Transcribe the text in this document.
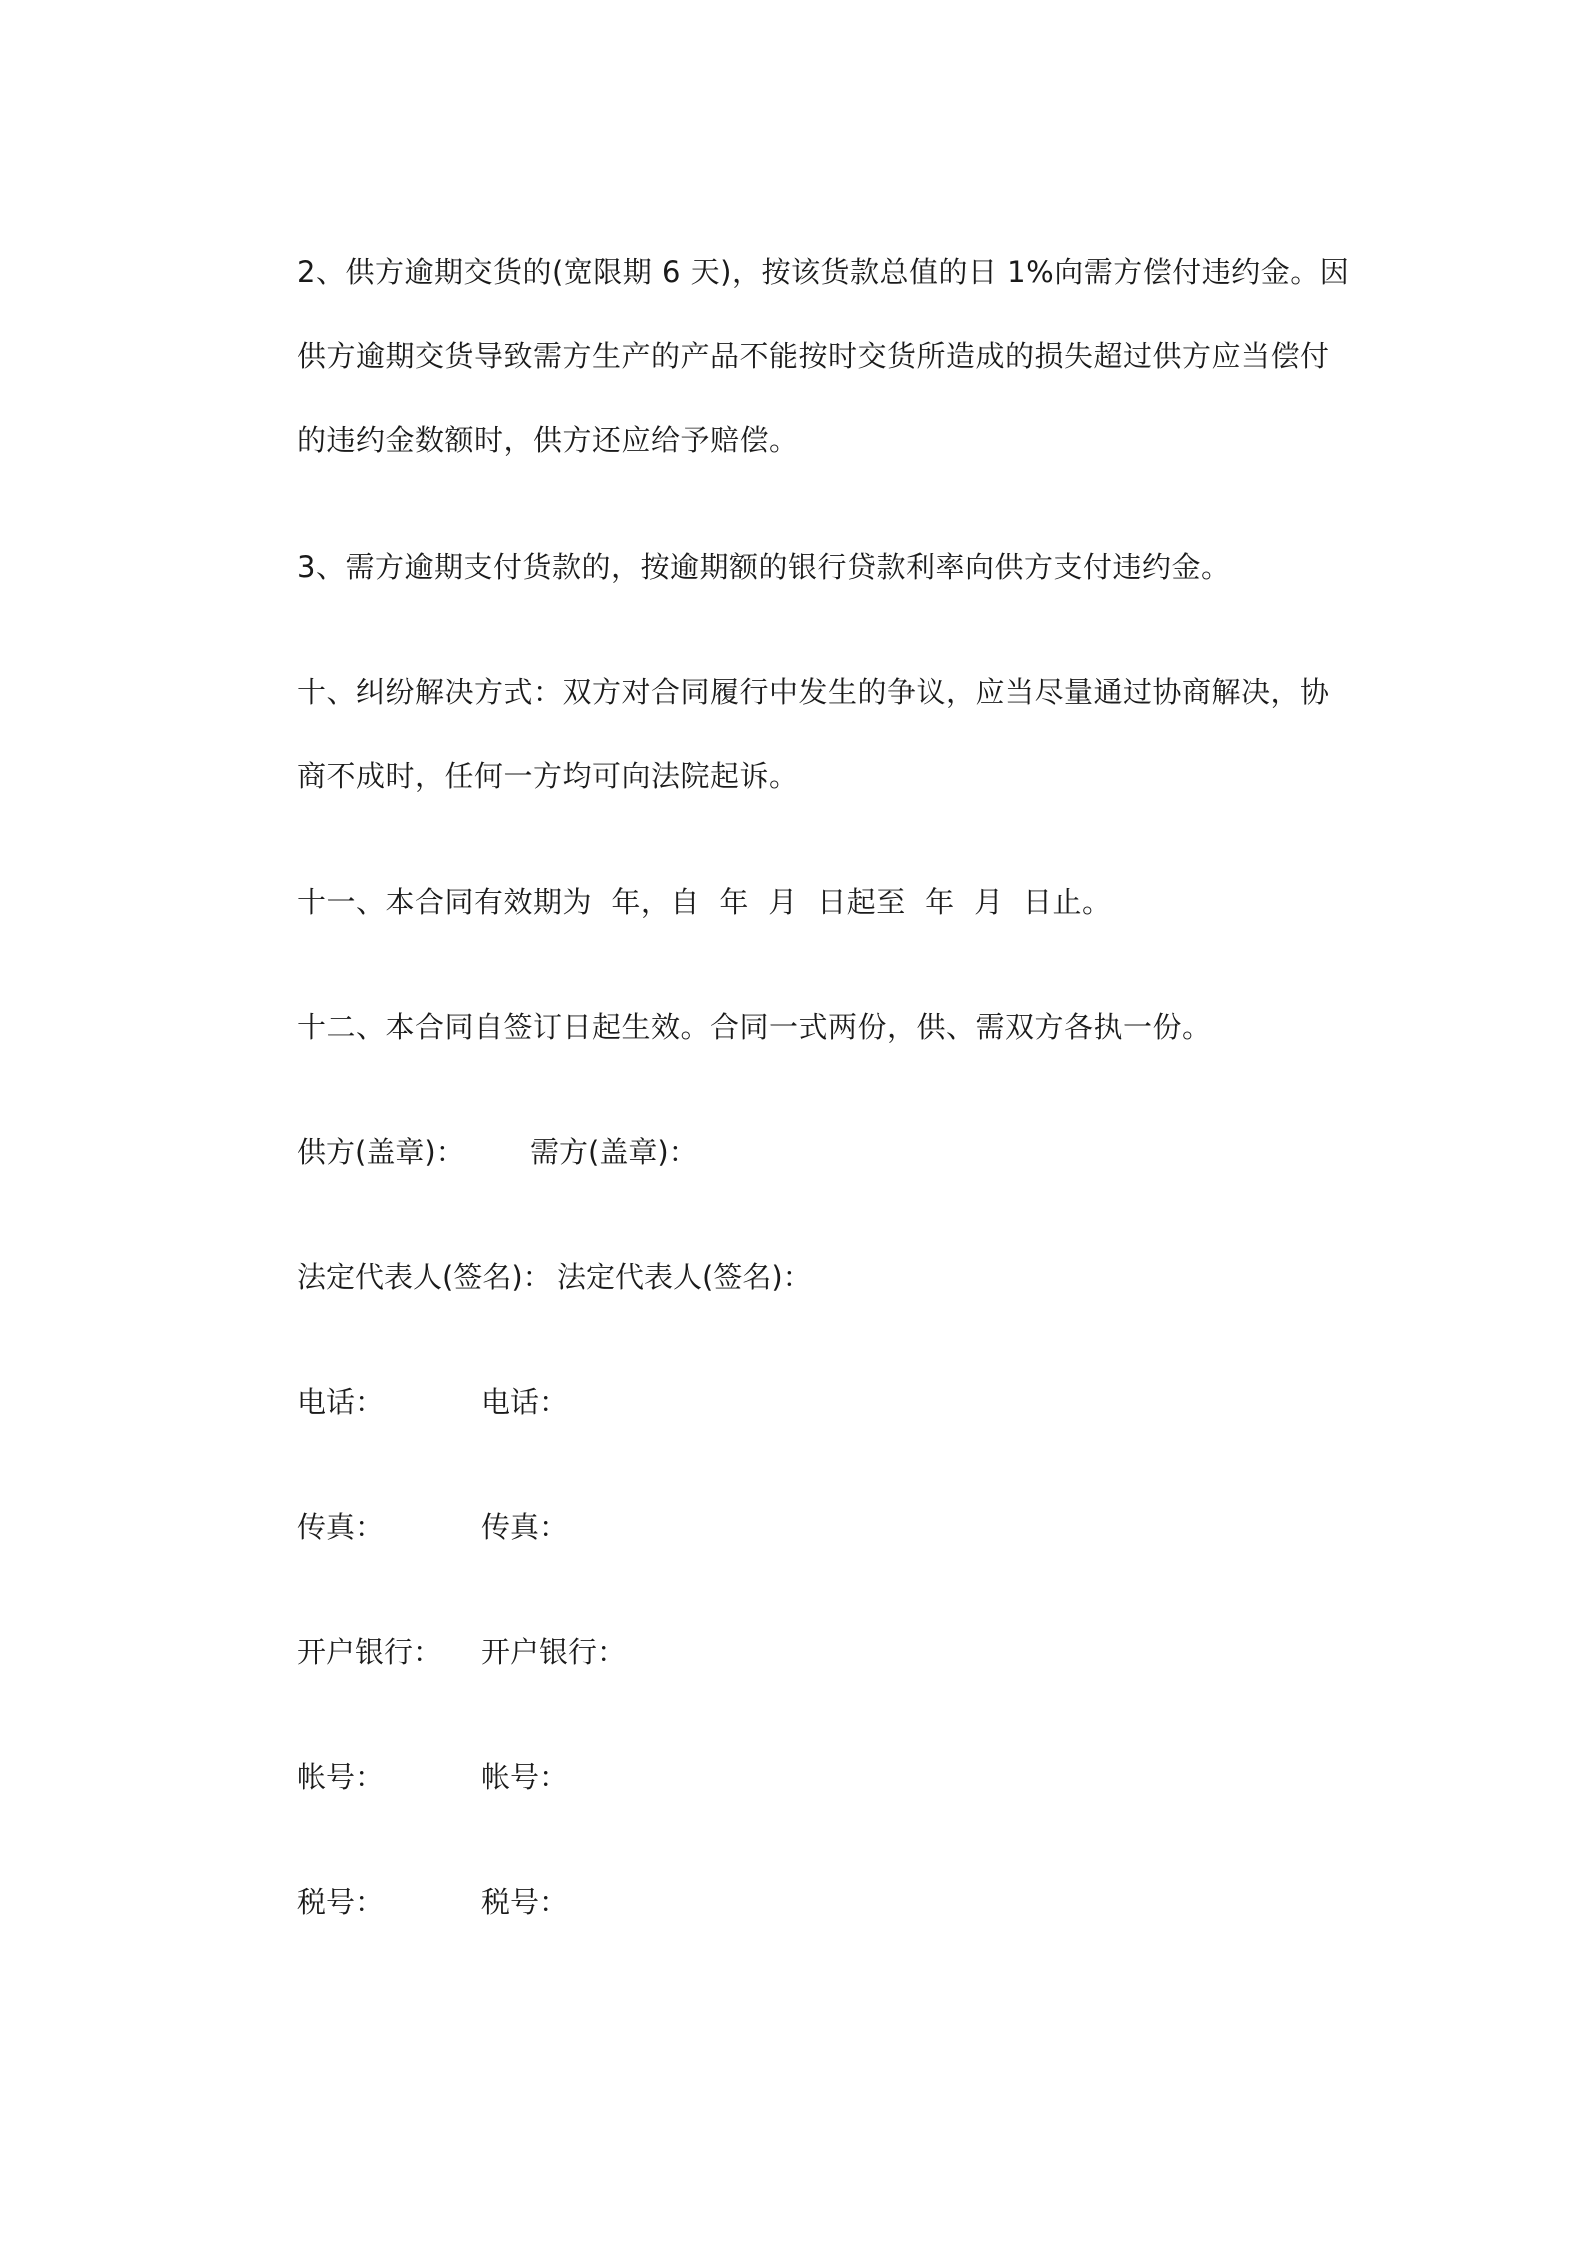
2、供方逾期交货的(宽限期 6 天)，按该货款总值的日 1%向需方偿付违约金。因供方逾期交货导致需方生产的产品不能按时交货所造成的损失超过供方应当偿付的违约金数额时，供方还应给予赔偿。
3、需方逾期支付货款的，按逾期额的银行贷款利率向供方支付违约金。
十、纠纷解决方式：双方对合同履行中发生的争议，应当尽量通过协商解决，协商不成时，任何一方均可向法院起诉。
十一、本合同有效期为  年，自  年  月  日起至  年  月  日止。
十二、本合同自签订日起生效。合同一式两份，供、需双方各执一份。
供方(盖章)： 需方(盖章)：
法定代表人(签名)： 法定代表人(签名)：
电话：	电话：
传真：	传真：
开户银行： 开户银行：
帐号：	帐号：
税号：	税号：
